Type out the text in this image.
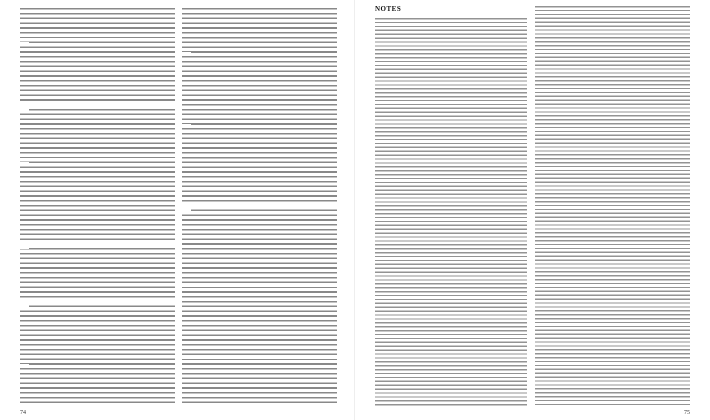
74
NOTES
75
